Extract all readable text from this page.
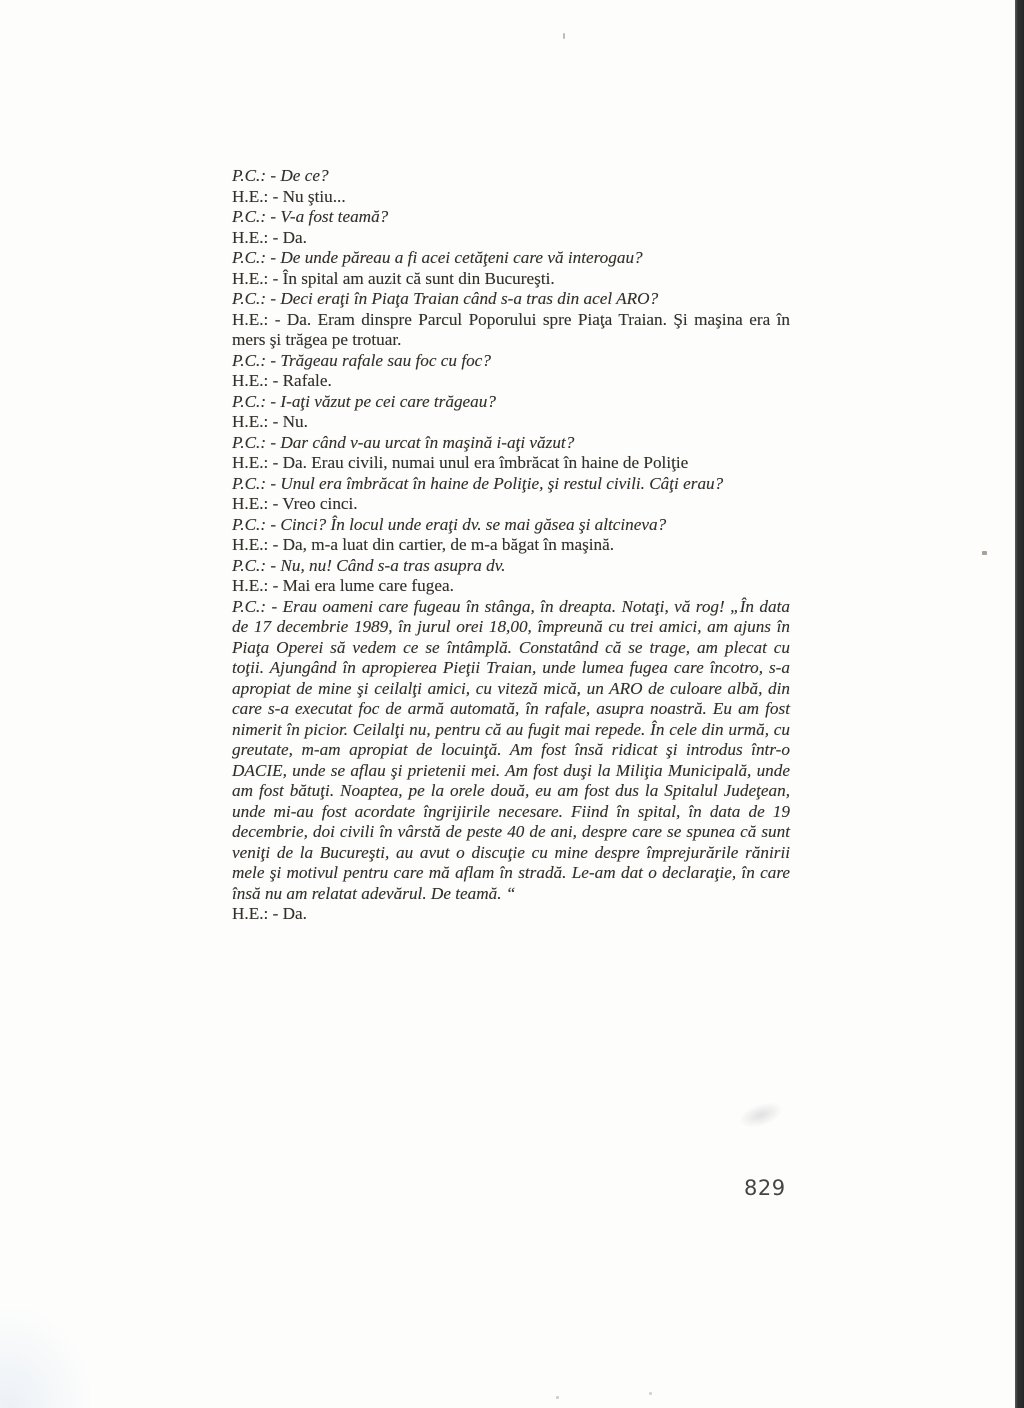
P.C.: - De ce?

H.E.: - Nu ştiu...

P.C.: - V-a fost teamă?

H.E.: - Da.

P.C.: - De unde păreau a fi acei cetăţeni care vă interogau?

H.E.: - În spital am auzit că sunt din Bucureşti.

P.C.: - Deci eraţi în Piaţa Traian când s-a tras din acel ARO?

H.E.: - Da. Eram dinspre Parcul Poporului spre Piaţa Traian. Şi maşina era în mers şi trăgea pe trotuar.

P.C.: - Trăgeau rafale sau foc cu foc?

H.E.: - Rafale.

P.C.: - I-aţi văzut pe cei care trăgeau?

H.E.: - Nu.

P.C.: - Dar când v-au urcat în maşină i-aţi văzut?

H.E.: - Da. Erau civili, numai unul era îmbrăcat în haine de Poliţie

P.C.: - Unul era îmbrăcat în haine de Poliţie, şi restul civili. Câţi erau?

H.E.: - Vreo cinci.

P.C.: - Cinci? În locul unde eraţi dv. se mai găsea şi altcineva?

H.E.: - Da, m-a luat din cartier, de m-a băgat în maşină.

P.C.: - Nu, nu! Când s-a tras asupra dv.

H.E.: - Mai era lume care fugea.

P.C.: - Erau oameni care fugeau în stânga, în dreapta. Notaţi, vă rog! „În data de 17 decembrie 1989, în jurul orei 18,00, împreună cu trei amici, am ajuns în Piaţa Operei să vedem ce se întâmplă. Constatând că se trage, am plecat cu toţii. Ajungând în apropierea Pieţii Traian, unde lumea fugea care încotro, s-a apropiat de mine şi ceilalţi amici, cu viteză mică, un ARO de culoare albă, din care s-a executat foc de armă automată, în rafale, asupra noastră. Eu am fost nimerit în picior. Ceilalţi nu, pentru că au fugit mai repede. În cele din urmă, cu greutate, m-am apropiat de locuinţă. Am fost însă ridicat şi introdus într-o DACIE, unde se aflau şi prietenii mei. Am fost duşi la Miliţia Municipală, unde am fost bătuţi. Noaptea, pe la orele două, eu am fost dus la Spitalul Judeţean, unde mi-au fost acordate îngrijirile necesare. Fiind în spital, în data de 19 decembrie, doi civili în vârstă de peste 40 de ani, despre care se spunea că sunt veniţi de la Bucureşti, au avut o discuţie cu mine despre împrejurările rănirii mele şi motivul pentru care mă aflam în stradă. Le-am dat o declaraţie, în care însă nu am relatat adevărul. De teamă. “

H.E.: - Da.

829
